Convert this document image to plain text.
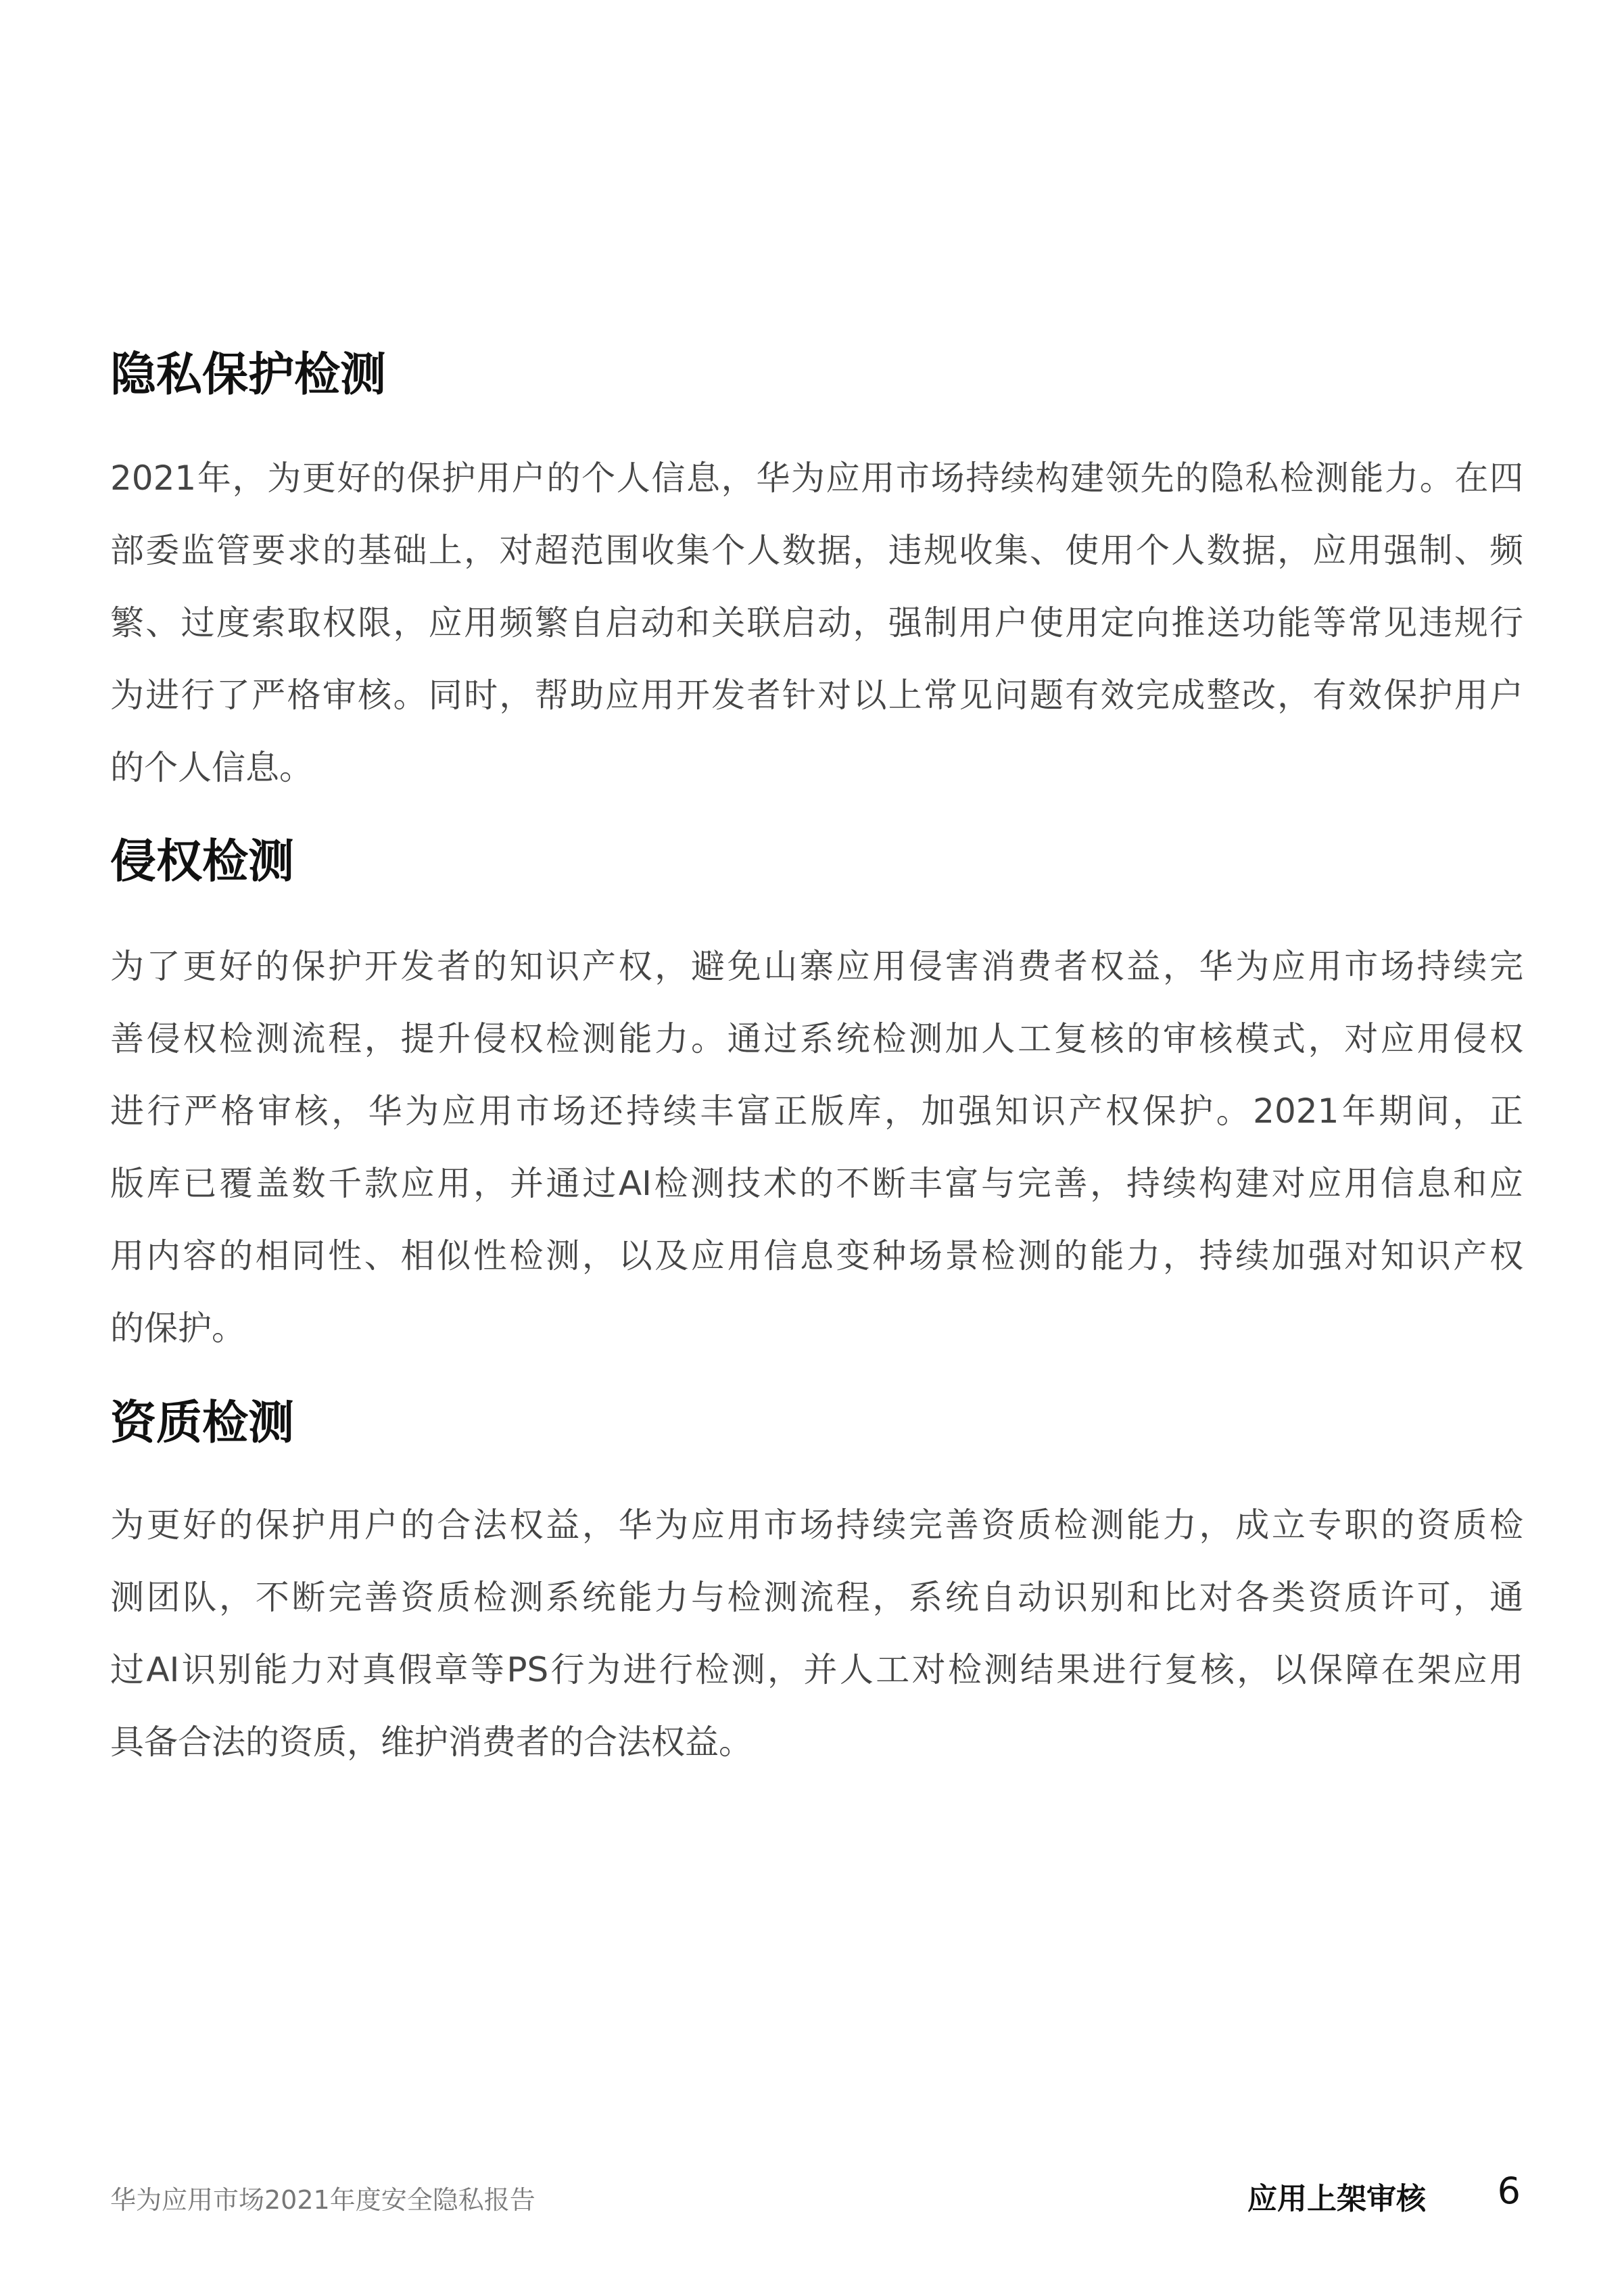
隐私保护检测
2021年，为更好的保护用户的个人信息，华为应用市场持续构建领先的隐私检测能力。在四
部委监管要求的基础上，对超范围收集个人数据，违规收集、使用个人数据，应用强制、频
繁、过度索取权限，应用频繁自启动和关联启动，强制用户使用定向推送功能等常见违规行
为进行了严格审核。同时，帮助应用开发者针对以上常见问题有效完成整改，有效保护用户
的个人信息。
侵权检测
为了更好的保护开发者的知识产权，避免山寨应用侵害消费者权益，华为应用市场持续完
善侵权检测流程，提升侵权检测能力。通过系统检测加人工复核的审核模式，对应用侵权
进行严格审核，华为应用市场还持续丰富正版库，加强知识产权保护。2021年期间，正
版库已覆盖数千款应用，并通过AI检测技术的不断丰富与完善，持续构建对应用信息和应
用内容的相同性、相似性检测，以及应用信息变种场景检测的能力，持续加强对知识产权
的保护。
资质检测
为更好的保护用户的合法权益，华为应用市场持续完善资质检测能力，成立专职的资质检
测团队，不断完善资质检测系统能力与检测流程，系统自动识别和比对各类资质许可，通
过AI识别能力对真假章等PS行为进行检测，并人工对检测结果进行复核，以保障在架应用
具备合法的资质，维护消费者的合法权益。
华为应用市场2021年度安全隐私报告	应用上架审核 6
